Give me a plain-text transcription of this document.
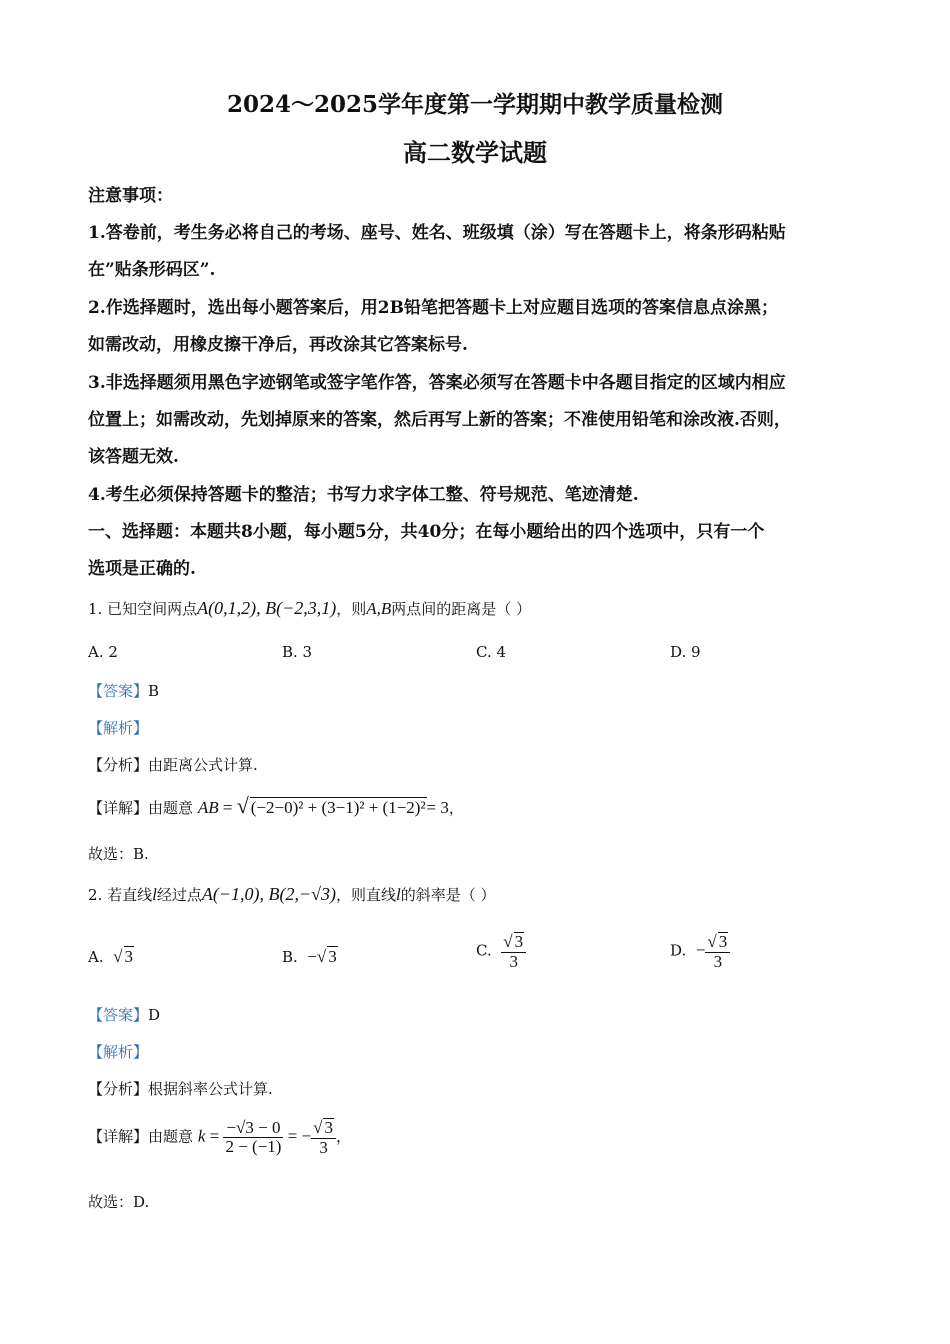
2024～2025学年度第一学期期中教学质量检测
高二数学试题
注意事项：
1.答卷前，考生务必将自己的考场、座号、姓名、班级填（涂）写在答题卡上，将条形码粘贴
在”贴条形码区”.
2.作选择题时，选出每小题答案后，用2B铅笔把答题卡上对应题目选项的答案信息点涂黑；
如需改动，用橡皮擦干净后，再改涂其它答案标号.
3.非选择题须用黑色字迹钢笔或签字笔作答，答案必须写在答题卡中各题目指定的区域内相应
位置上；如需改动，先划掉原来的答案，然后再写上新的答案；不准使用铅笔和涂改液.否则，
该答题无效.
4.考生必须保持答题卡的整洁；书写力求字体工整、符号规范、笔迹清楚.
一、选择题：本题共8小题，每小题5分，共40分；在每小题给出的四个选项中，只有一个
选项是正确的.
1. 已知空间两点A(0,1,2), B(−2,3,1)，则A,B两点间的距离是（ ）
A. 2	B. 3	C. 4	D. 9
【答案】B
【解析】
【分析】由距离公式计算.
【详解】由题意 AB = √ (−2−0)² + (3−1)² + (1−2)²= 3，
故选：B.
2. 若直线l经过点A(−1,0), B(2,−√3)，则直线l的斜率是（ ）
A. √ 3	B. −√ 3	C. $\frac{√ 3}{3}$	D. − $\frac{√ 3}{3}$
【答案】D
【解析】
【分析】根据斜率公式计算.
【详解】由题意 $k = \frac{-√3 - 0}{2 - (-1)}$ = − $\frac{√ 3}{3}$ ，
故选：D.
